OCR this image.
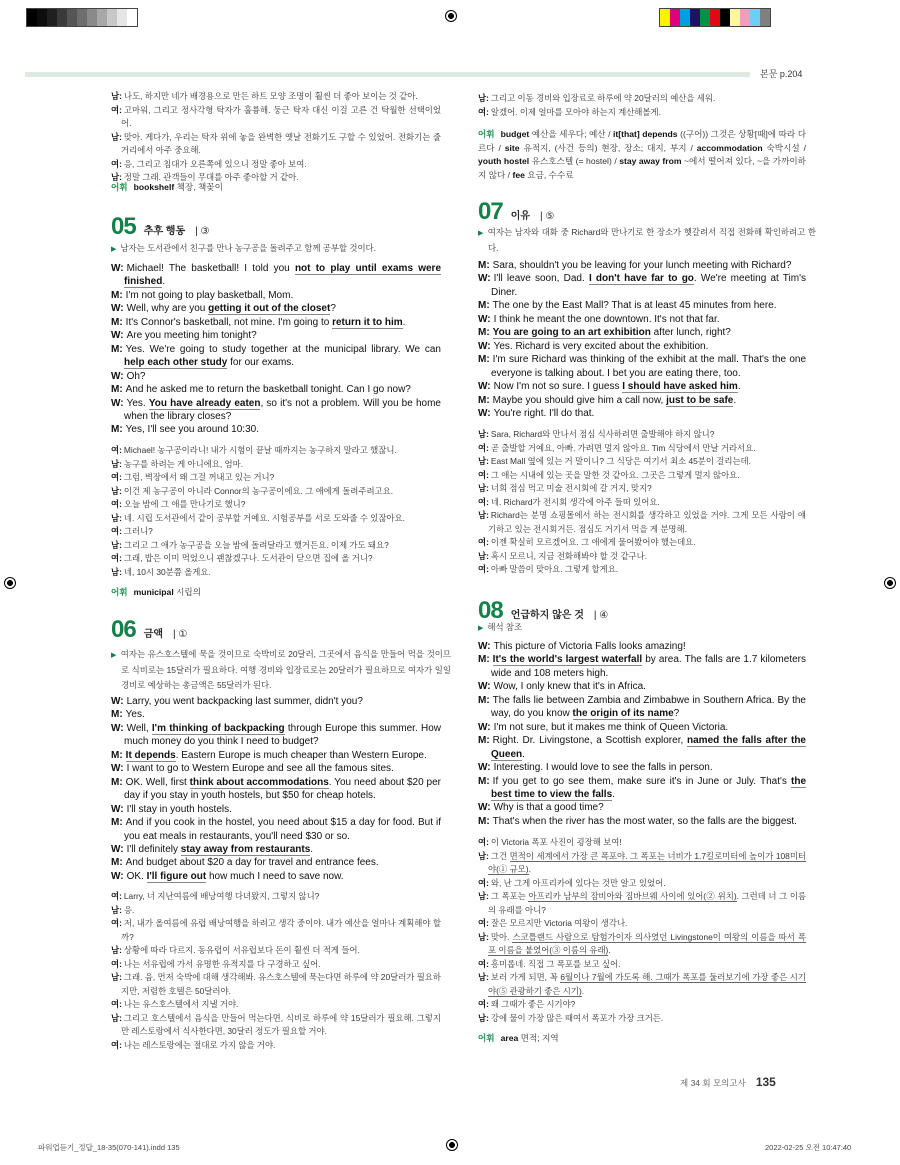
본문 p.204
남: 나도, 하지만 네가 배경용으로 만든 하트 모양 조명이 훨씬 더 좋아 보이는 것 같아.
여: 고마워, 그리고 정사각형 탁자가 훌륭해. 둥근 탁자 대신 이걸 고른 건 탁월한 선택이었어.
남: 맞아. 게다가, 우리는 탁자 위에 놓을 완벽한 옛날 전화기도 구할 수 있었어. 전화기는 줄거리에서 아주 중요해.
여: 응, 그리고 침대가 오른쪽에 있으니 정말 좋아 보여.
남: 정말 그래. 관객들이 무대를 아주 좋아할 거 같아.
어휘 bookshelf 책장, 책꽂이
05 추후 행동 | ③
▶ 남자는 도서관에서 친구를 만나 농구공을 돌려주고 함께 공부할 것이다.
W: Michael! The basketball! I told you not to play until exams were finished.
M: I'm not going to play basketball, Mom.
W: Well, why are you getting it out of the closet?
M: It's Connor's basketball, not mine. I'm going to return it to him.
W: Are you meeting him tonight?
M: Yes. We're going to study together at the municipal library. We can help each other study for our exams.
W: Oh?
M: And he asked me to return the basketball tonight. Can I go now?
W: Yes. You have already eaten, so it's not a problem. Will you be home when the library closes?
M: Yes, I'll see you around 10:30.
여: Michael! 농구공이라니! 내가 시험이 끝날 때까지는 농구하지 말라고 했잖니.
남: 농구를 하려는 게 아니에요, 엄마.
여: 그럼, 벽장에서 왜 그걸 꺼내고 있는 거니?
남: 이건 제 농구공이 아니라 Connor의 농구공이에요. 그 애에게 돌려주려고요.
여: 오늘 밤에 그 애를 만나기로 했니?
남: 네. 시립 도서관에서 같이 공부할 거예요. 시험공부를 서로 도와줄 수 있잖아요.
여: 그러니?
남: 그리고 그 애가 농구공을 오늘 밤에 돌려달라고 했거든요. 이제 가도 돼요?
여: 그래, 밥은 이미 먹었으니 괜찮겠구나. 도서관이 닫으면 집에 올 거니?
남: 네, 10시 30분쯤 올게요.
어휘 municipal 시립의
06 금액 | ①
▶ 여자는 유스호스텔에 묵을 것이므로 숙박비로 20달러, 그곳에서 음식을 만들어 먹을 것이므로 식비로는 15달러가 필요하다. 여행 경비와 입장료로는 20달러가 필요하므로 여자가 일일 경비로 예상하는 총금액은 55달러가 된다.
W: Larry, you went backpacking last summer, didn't you?
M: Yes.
W: Well, I'm thinking of backpacking through Europe this summer. How much money do you think I need to budget?
M: It depends. Eastern Europe is much cheaper than Western Europe.
W: I want to go to Western Europe and see all the famous sites.
M: OK. Well, first think about accommodations. You need about $20 per day if you stay in youth hostels, but $50 for cheap hotels.
W: I'll stay in youth hostels.
M: And if you cook in the hostel, you need about $15 a day for food. But if you eat meals in restaurants, you'll need $30 or so.
W: I'll definitely stay away from restaurants.
M: And budget about $20 a day for travel and entrance fees.
W: OK. I'll figure out how much I need to save now.
여: Larry, 너 지난여름에 배낭여행 다녀왔지, 그렇지 않니?
남: 응.
여: 저, 내가 올여름에 유럽 배낭여행을 하려고 생각 중이야. 내가 예산을 얼마나 계획해야 할까?
남: 상황에 따라 다르지. 동유럽이 서유럽보다 돈이 훨씬 더 적게 들어.
여: 나는 서유럽에 가서 유명한 유적지를 다 구경하고 싶어.
남: 그래. 음, 먼저 숙박에 대해 생각해봐. 유스호스텔에 묵는다면 하루에 약 20달러가 필요하지만, 저렴한 호텔은 50달러야.
여: 나는 유스호스텔에서 지낼 거야.
남: 그리고 호스텔에서 음식을 만들어 먹는다면, 식비로 하루에 약 15달러가 필요해. 그렇지만 레스토랑에서 식사한다면, 30달러 정도가 필요할 거야.
여: 나는 레스토랑에는 절대로 가지 않을 거야.
남: 그리고 이동 경비와 입장료로 하루에 약 20달러의 예산을 세워.
여: 알겠어. 이제 얼마를 모아야 하는지 계산해볼게.
어휘 budget 예산을 세우다; 예산 / it[that] depends ((구어)) 그것은 상황[때]에 따라 다르다 / site 유적지, (사건 등의) 현장, 장소; 대지, 부지 / accommodation 숙박시설 / youth hostel 유스호스텔 (= hostel) / stay away from ~에서 떨어져 있다, ~을 가까이하지 않다 / fee 요금, 수수료
07 이유 | ⑤
▶ 여자는 남자와 대화 중 Richard와 만나기로 한 장소가 헷갈려서 직접 전화해 확인하려고 한다.
M: Sara, shouldn't you be leaving for your lunch meeting with Richard?
W: I'll leave soon, Dad. I don't have far to go. We're meeting at Tim's Diner.
M: The one by the East Mall? That is at least 45 minutes from here.
W: I think he meant the one downtown. It's not that far.
M: You are going to an art exhibition after lunch, right?
W: Yes. Richard is very excited about the exhibition.
M: I'm sure Richard was thinking of the exhibit at the mall. That's the one everyone is talking about. I bet you are eating there, too.
W: Now I'm not so sure. I guess I should have asked him.
M: Maybe you should give him a call now, just to be safe.
W: You're right. I'll do that.
남: Sara, Richard와 만나서 점심 식사하려면 출발해야 하지 않니?
여: 곧 출발할 거예요, 아빠. 가려면 멀지 않아요. Tim 식당에서 만날 거라서요.
남: East Mall 옆에 있는 거 말이니? 그 식당은 여기서 최소 45분이 걸리는데.
여: 그 애는 시내에 있는 곳을 말한 것 같아요. 그곳은 그렇게 멀지 않아요.
남: 너희 점심 먹고 미술 전시회에 갈 거지, 맞지?
여: 네. Richard가 전시회 생각에 아주 들떠 있어요.
남: Richard는 분명 쇼핑몰에서 하는 전시회를 생각하고 있었을 거야. 그게 모든 사람이 얘기하고 있는 전시회거든. 점심도 거기서 먹을 게 분명해.
여: 이젠 확실히 모르겠어요. 그 애에게 물어봤어야 했는데요.
남: 혹시 모르니, 지금 전화해봐야 할 것 같구나.
여: 아빠 말씀이 맞아요. 그렇게 할게요.
08 언급하지 않은 것 | ④
▶ 해석 참조
W: This picture of Victoria Falls looks amazing!
M: It's the world's largest waterfall by area. The falls are 1.7 kilometers wide and 108 meters high.
W: Wow, I only knew that it's in Africa.
M: The falls lie between Zambia and Zimbabwe in Southern Africa. By the way, do you know the origin of its name?
W: I'm not sure, but it makes me think of Queen Victoria.
M: Right. Dr. Livingstone, a Scottish explorer, named the falls after the Queen.
W: Interesting. I would love to see the falls in person.
M: If you get to go see them, make sure it's in June or July. That's the best time to view the falls.
W: Why is that a good time?
M: That's when the river has the most water, so the falls are the biggest.
여: 이 Victoria 폭포 사진이 굉장해 보여!
남: 그건 면적이 세계에서 가장 큰 폭포야. 그 폭포는 너비가 1.7킬로미터에 높이가 108미터야(① 규모).
여: 와, 난 그게 아프리카에 있다는 것만 알고 있었어.
남: 그 폭포는 아프리카 남부의 잠비아와 짐바브웨 사이에 있어(② 위치). 그런데 너 그 이름의 유래를 아니?
여: 잘은 모르지만 Victoria 여왕이 생각나.
남: 맞아. 스코틀랜드 사람으로 탐험가이자 의사였던 Livingstone이 여왕의 이름을 따서 폭포 이름을 붙였어(③ 이름의 유래).
여: 흥미롭네. 직접 그 폭포를 보고 싶어.
남: 보러 가게 되면, 꼭 6월이나 7월에 가도록 해. 그때가 폭포를 둘러보기에 가장 좋은 시기야(⑤ 관광하기 좋은 시기).
여: 왜 그때가 좋은 시기야?
남: 강에 물이 가장 많은 때여서 폭포가 가장 크거든.
어휘 area 면적; 지역
제 34 회 모의고사 135
파워업듣기_정답_18-35(070-141).indd 135	2022-02-25 오전 10:47:40
